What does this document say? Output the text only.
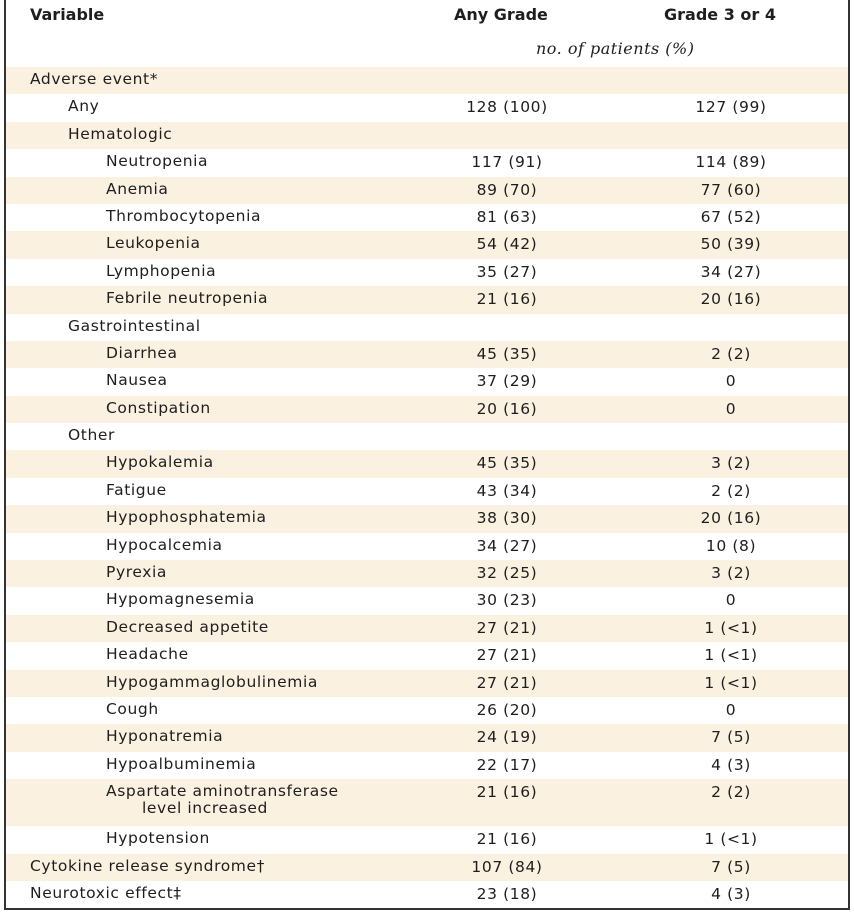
Variable	Any Grade	Grade 3 or 4
no. of patients (%)
Adverse event*
Any	128 (100)	127 (99)
Hematologic
Neutropenia	117 (91)	114 (89)
Anemia	89 (70)	77 (60)
Thrombocytopenia	81 (63)	67 (52)
Leukopenia	54 (42)	50 (39)
Lymphopenia	35 (27)	34 (27)
Febrile neutropenia	21 (16)	20 (16)
Gastrointestinal
Diarrhea	45 (35)	2 (2)
Nausea	37 (29)	0
Constipation	20 (16)	0
Other
Hypokalemia	45 (35)	3 (2)
Fatigue	43 (34)	2 (2)
Hypophosphatemia	38 (30)	20 (16)
Hypocalcemia	34 (27)	10 (8)
Pyrexia	32 (25)	3 (2)
Hypomagnesemia	30 (23)	0
Decreased appetite	27 (21)	1 (<1)
Headache	27 (21)	1 (<1)
Hypogammaglobulinemia	27 (21)	1 (<1)
Cough	26 (20)	0
Hyponatremia	24 (19)	7 (5)
Hypoalbuminemia	22 (17)	4 (3)
Aspartate aminotransferase
level increased
21 (16)	2 (2)
Hypotension	21 (16)	1 (<1)
Cytokine release syndrome†	107 (84)	7 (5)
Neurotoxic effect‡	23 (18)	4 (3)
